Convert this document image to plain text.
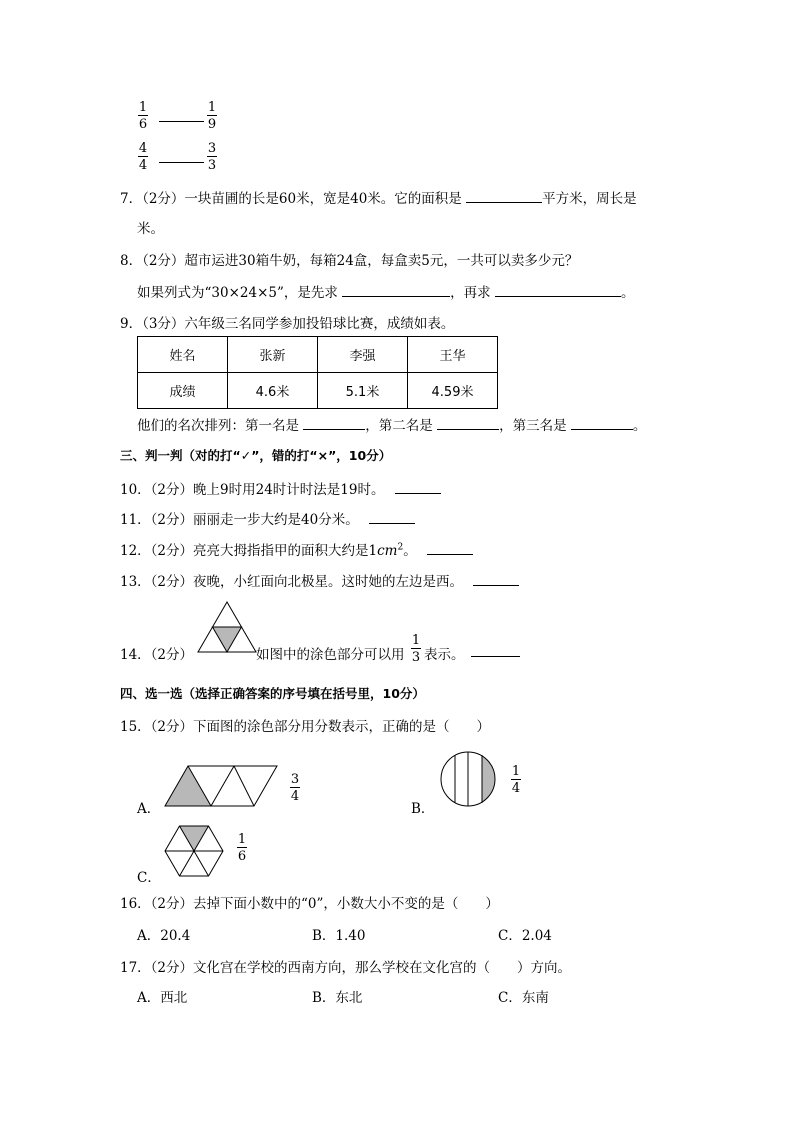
1
6
1
9
4
4
3
3
7．（2分）一块苗圃的长是60米，宽是40米。它的面积是	平方米，周长是
米。
8．（2分）超市运进30箱牛奶，每箱24盒，每盒卖5元，一共可以卖多少元？
如果列式为“30×24×5”，是先求	，再求	。
9．（3分）六年级三名同学参加投铅球比赛，成绩如表。
姓名	张新	李强	王华
成绩	4.6米	5.1米	4.59米
他们的名次排列：第一名是	，第二名是	，第三名是	。
三、判一判（对的打“✓”，错的打“×”，10分）
10．（2分）晚上9时用24时计时法是19时。
11．（2分）丽丽走一步大约是40分米。
12．（2分）亮亮大拇指指甲的面积大约是$1cm^2$。
13．（2分）夜晚，小红面向北极星。这时她的左边是西。
14．（2分）	如图中的涂色部分可以用
1
3 表示。
四、选一选（选择正确答案的序号填在括号里，10分）
15．（2分）下面图的涂色部分用分数表示，正确的是（　　）
A．
3
4
B．
1
4
C．
1
6
16．（2分）去掉下面小数中的“0”，小数大小不变的是（　　）
A．20.4	B．1.40	C．2.04
17．（2分）文化宫在学校的西南方向，那么学校在文化宫的（　　）方向。
A．西北	B．东北	C．东南
